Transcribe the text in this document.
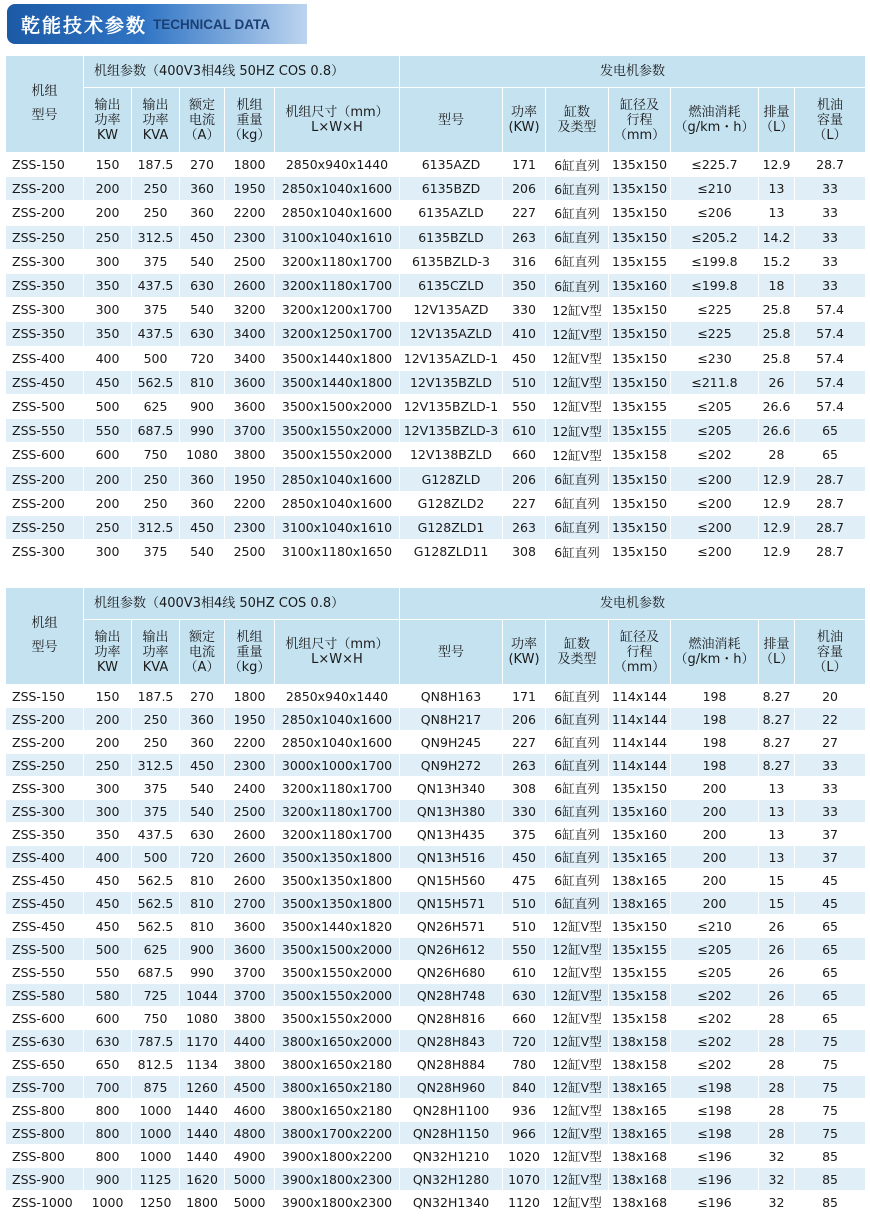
乾能技术参数 TECHNICAL DATA
机组
型号	机组参数（400V3相4线 50HZ COS 0.8）					发电机参数						
	输出
功率
KW	输出
功率
KVA	额定
电流
（A）	机组
重量
（kg）	机组尺寸（mm）
L×W×H	型号	功率
(KW)	缸数
及类型	缸径及
行程
（mm）	燃油消耗
（g/km・h）	排量
（L）	机油
容量
（L）
ZSS-150	150	187.5	270	1800	2850x940x1440	6135AZD	171	6缸直列	135x150	≤225.7	12.9	28.7
ZSS-200	200	250	360	1950	2850x1040x1600	6135BZD	206	6缸直列	135x150	≤210	13	33
ZSS-200	200	250	360	2200	2850x1040x1600	6135AZLD	227	6缸直列	135x150	≤206	13	33
ZSS-250	250	312.5	450	2300	3100x1040x1610	6135BZLD	263	6缸直列	135x150	≤205.2	14.2	33
ZSS-300	300	375	540	2500	3200x1180x1700	6135BZLD-3	316	6缸直列	135x155	≤199.8	15.2	33
ZSS-350	350	437.5	630	2600	3200x1180x1700	6135CZLD	350	6缸直列	135x160	≤199.8	18	33
ZSS-300	300	375	540	3200	3200x1200x1700	12V135AZD	330	12缸V型	135x150	≤225	25.8	57.4
ZSS-350	350	437.5	630	3400	3200x1250x1700	12V135AZLD	410	12缸V型	135x150	≤225	25.8	57.4
ZSS-400	400	500	720	3400	3500x1440x1800	12V135AZLD-1	450	12缸V型	135x150	≤230	25.8	57.4
ZSS-450	450	562.5	810	3600	3500x1440x1800	12V135BZLD	510	12缸V型	135x150	≤211.8	26	57.4
ZSS-500	500	625	900	3600	3500x1500x2000	12V135BZLD-1	550	12缸V型	135x155	≤205	26.6	57.4
ZSS-550	550	687.5	990	3700	3500x1550x2000	12V135BZLD-3	610	12缸V型	135x155	≤205	26.6	65
ZSS-600	600	750	1080	3800	3500x1550x2000	12V138BZLD	660	12缸V型	135x158	≤202	28	65
ZSS-200	200	250	360	1950	2850x1040x1600	G128ZLD	206	6缸直列	135x150	≤200	12.9	28.7
ZSS-200	200	250	360	2200	2850x1040x1600	G128ZLD2	227	6缸直列	135x150	≤200	12.9	28.7
ZSS-250	250	312.5	450	2300	3100x1040x1610	G128ZLD1	263	6缸直列	135x150	≤200	12.9	28.7
ZSS-300	300	375	540	2500	3100x1180x1650	G128ZLD11	308	6缸直列	135x150	≤200	12.9	28.7
机组
型号	机组参数（400V3相4线 50HZ COS 0.8）					发电机参数						
	输出
功率
KW	输出
功率
KVA	额定
电流
（A）	机组
重量
（kg）	机组尺寸（mm）
L×W×H	型号	功率
(KW)	缸数
及类型	缸径及
行程
（mm）	燃油消耗
（g/km・h）	排量
（L）	机油
容量
（L）
ZSS-150	150	187.5	270	1800	2850x940x1440	QN8H163	171	6缸直列	114x144	198	8.27	20
ZSS-200	200	250	360	1950	2850x1040x1600	QN8H217	206	6缸直列	114x144	198	8.27	22
ZSS-200	200	250	360	2200	2850x1040x1600	QN9H245	227	6缸直列	114x144	198	8.27	27
ZSS-250	250	312.5	450	2300	3000x1000x1700	QN9H272	263	6缸直列	114x144	198	8.27	33
ZSS-300	300	375	540	2400	3200x1180x1700	QN13H340	308	6缸直列	135x150	200	13	33
ZSS-300	300	375	540	2500	3200x1180x1700	QN13H380	330	6缸直列	135x160	200	13	33
ZSS-350	350	437.5	630	2600	3200x1180x1700	QN13H435	375	6缸直列	135x160	200	13	37
ZSS-400	400	500	720	2600	3500x1350x1800	QN13H516	450	6缸直列	135x165	200	13	37
ZSS-450	450	562.5	810	2600	3500x1350x1800	QN15H560	475	6缸直列	138x165	200	15	45
ZSS-450	450	562.5	810	2700	3500x1350x1800	QN15H571	510	6缸直列	138x165	200	15	45
ZSS-450	450	562.5	810	3600	3500x1440x1820	QN26H571	510	12缸V型	135x150	≤210	26	65
ZSS-500	500	625	900	3600	3500x1500x2000	QN26H612	550	12缸V型	135x155	≤205	26	65
ZSS-550	550	687.5	990	3700	3500x1550x2000	QN26H680	610	12缸V型	135x155	≤205	26	65
ZSS-580	580	725	1044	3700	3500x1550x2000	QN28H748	630	12缸V型	135x158	≤202	26	65
ZSS-600	600	750	1080	3800	3500x1550x2000	QN28H816	660	12缸V型	135x158	≤202	28	65
ZSS-630	630	787.5	1170	4400	3800x1650x2000	QN28H843	720	12缸V型	138x158	≤202	28	75
ZSS-650	650	812.5	1134	3800	3800x1650x2180	QN28H884	780	12缸V型	138x158	≤202	28	75
ZSS-700	700	875	1260	4500	3800x1650x2180	QN28H960	840	12缸V型	138x165	≤198	28	75
ZSS-800	800	1000	1440	4600	3800x1650x2180	QN28H1100	936	12缸V型	138x165	≤198	28	75
ZSS-800	800	1000	1440	4800	3800x1700x2200	QN28H1150	966	12缸V型	138x165	≤198	28	75
ZSS-800	800	1000	1440	4900	3900x1800x2200	QN32H1210	1020	12缸V型	138x168	≤196	32	85
ZSS-900	900	1125	1620	5000	3900x1800x2300	QN32H1280	1070	12缸V型	138x168	≤196	32	85
ZSS-1000	1000	1250	1800	5000	3900x1800x2300	QN32H1340	1120	12缸V型	138x168	≤196	32	85
